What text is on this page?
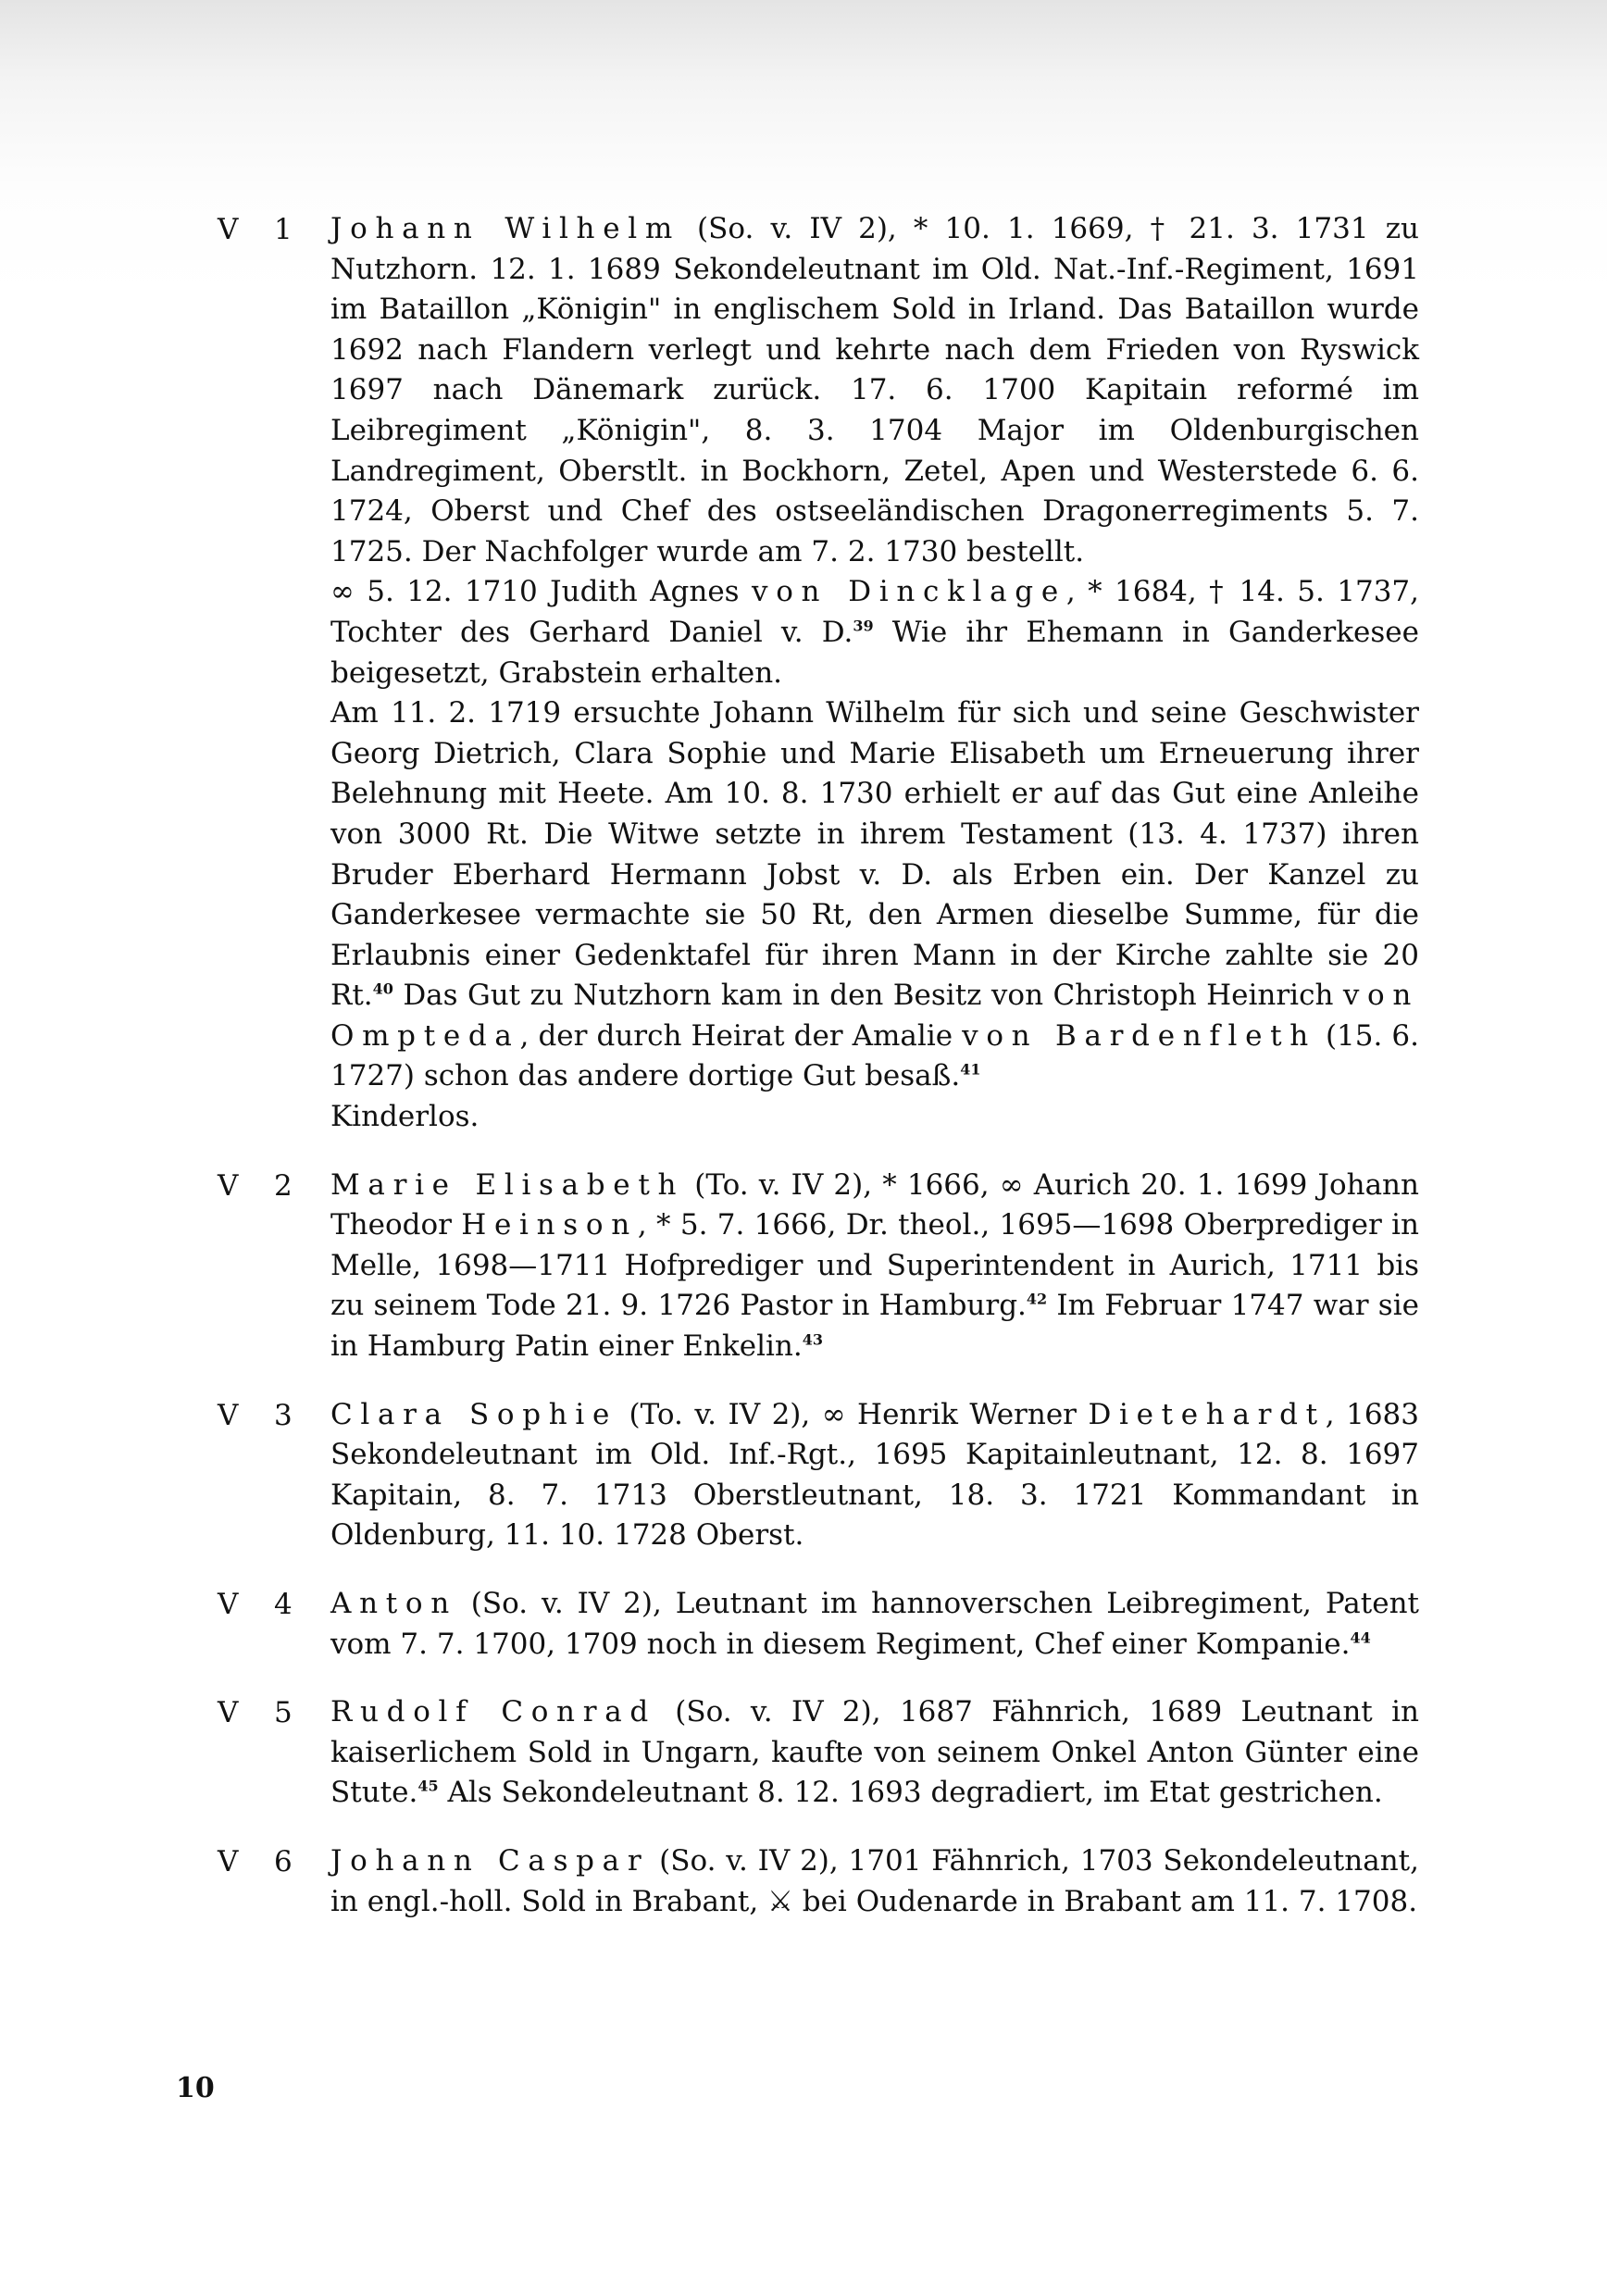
V 1 Johann Wilhelm (So. v. IV 2), * 10. 1. 1669, † 21. 3. 1731 zu Nutzhorn. 12. 1. 1689 Sekondeleutnant im Old. Nat.-Inf.-Regiment, 1691 im Bataillon „Königin" in englischem Sold in Irland. Das Bataillon wurde 1692 nach Flandern verlegt und kehrte nach dem Frieden von Ryswick 1697 nach Dänemark zurück. 17. 6. 1700 Kapitain reformé im Leibregiment „Königin", 8. 3. 1704 Major im Oldenburgischen Landregiment, Oberstlt. in Bockhorn, Zetel, Apen und Westerstede 6. 6. 1724, Oberst und Chef des ostseeländischen Dragonerregiments 5. 7. 1725. Der Nachfolger wurde am 7. 2. 1730 bestellt.

∞ 5. 12. 1710 Judith Agnes von Dincklage, * 1684, † 14. 5. 1737, Tochter des Gerhard Daniel v. D.$^{39}$ Wie ihr Ehemann in Ganderkesee beigesetzt, Grabstein erhalten.

Am 11. 2. 1719 ersuchte Johann Wilhelm für sich und seine Geschwister Georg Dietrich, Clara Sophie und Marie Elisabeth um Erneuerung ihrer Belehnung mit Heete. Am 10. 8. 1730 erhielt er auf das Gut eine Anleihe von 3000 Rt. Die Witwe setzte in ihrem Testament (13. 4. 1737) ihren Bruder Eberhard Hermann Jobst v. D. als Erben ein. Der Kanzel zu Ganderkesee vermachte sie 50 Rt, den Armen dieselbe Summe, für die Erlaubnis einer Gedenktafel für ihren Mann in der Kirche zahlte sie 20 Rt.$^{40}$ Das Gut zu Nutzhorn kam in den Besitz von Christoph Heinrich von Ompteda, der durch Heirat der Amalie von Bardenfleth (15. 6. 1727) schon das andere dortige Gut besaß.$^{41}$

Kinderlos.

V 2 Marie Elisabeth (To. v. IV 2), * 1666, ∞ Aurich 20. 1. 1699 Johann Theodor Heinson, * 5. 7. 1666, Dr. theol., 1695—1698 Oberprediger in Melle, 1698—1711 Hofprediger und Superintendent in Aurich, 1711 bis zu seinem Tode 21. 9. 1726 Pastor in Hamburg.$^{42}$ Im Februar 1747 war sie in Hamburg Patin einer Enkelin.$^{43}$

V 3 Clara Sophie (To. v. IV 2), ∞ Henrik Werner Dietehardt, 1683 Sekondeleutnant im Old. Inf.-Rgt., 1695 Kapitainleutnant, 12. 8. 1697 Kapitain, 8. 7. 1713 Oberstleutnant, 18. 3. 1721 Kommandant in Oldenburg, 11. 10. 1728 Oberst.

V 4 Anton (So. v. IV 2), Leutnant im hannoverschen Leibregiment, Patent vom 7. 7. 1700, 1709 noch in diesem Regiment, Chef einer Kompanie.$^{44}$

V 5 Rudolf Conrad (So. v. IV 2), 1687 Fähnrich, 1689 Leutnant in kaiserlichem Sold in Ungarn, kaufte von seinem Onkel Anton Günter eine Stute.$^{45}$ Als Sekondeleutnant 8. 12. 1693 degradiert, im Etat gestrichen.

V 6 Johann Caspar (So. v. IV 2), 1701 Fähnrich, 1703 Sekondeleutnant, in engl.-holl. Sold in Brabant, ⚔ bei Oudenarde in Brabant am 11. 7. 1708.

10
